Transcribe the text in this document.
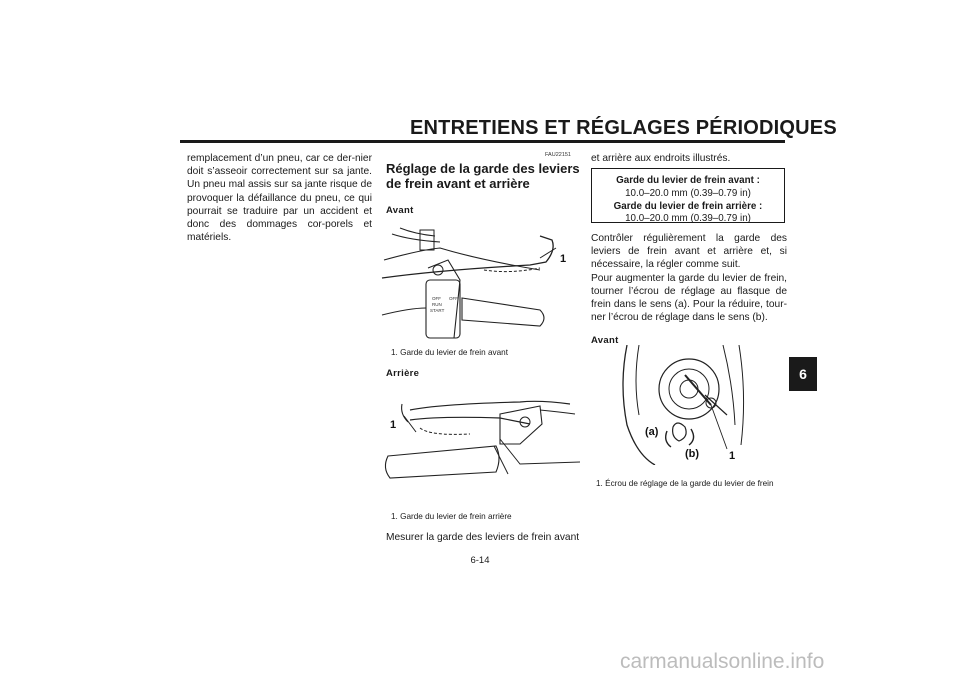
ENTRETIENS ET RÉGLAGES PÉRIODIQUES
6
remplacement d’un pneu, car ce der-nier doit s’asseoir correctement sur sa jante. Un pneu mal assis sur sa jante risque de provoquer la défaillance du pneu, ce qui pourrait se traduire par un accident et donc des dommages cor-porels et matériels.
FAU22151
Réglage de la garde des leviers de frein avant et arrière
Avant
OFF
RUN
START
OFF
1
1. Garde du levier de frein avant
Arrière
1
1. Garde du levier de frein arrière
Mesurer la garde des leviers de frein avant
et arrière aux endroits illustrés.
Garde du levier de frein avant :
10.0–20.0 mm (0.39–0.79 in)
Garde du levier de frein arrière :
10.0–20.0 mm (0.39–0.79 in)
Contrôler régulièrement la garde des leviers de frein avant et arrière et, si nécessaire, la régler comme suit.
Pour augmenter la garde du levier de frein, tourner l’écrou de réglage au flasque de frein dans le sens (a). Pour la réduire, tour-ner l’écrou de réglage dans le sens (b).
Avant
(a)
(b)	1
1. Écrou de réglage de la garde du levier de frein
6-14
carmanualsonline.info
